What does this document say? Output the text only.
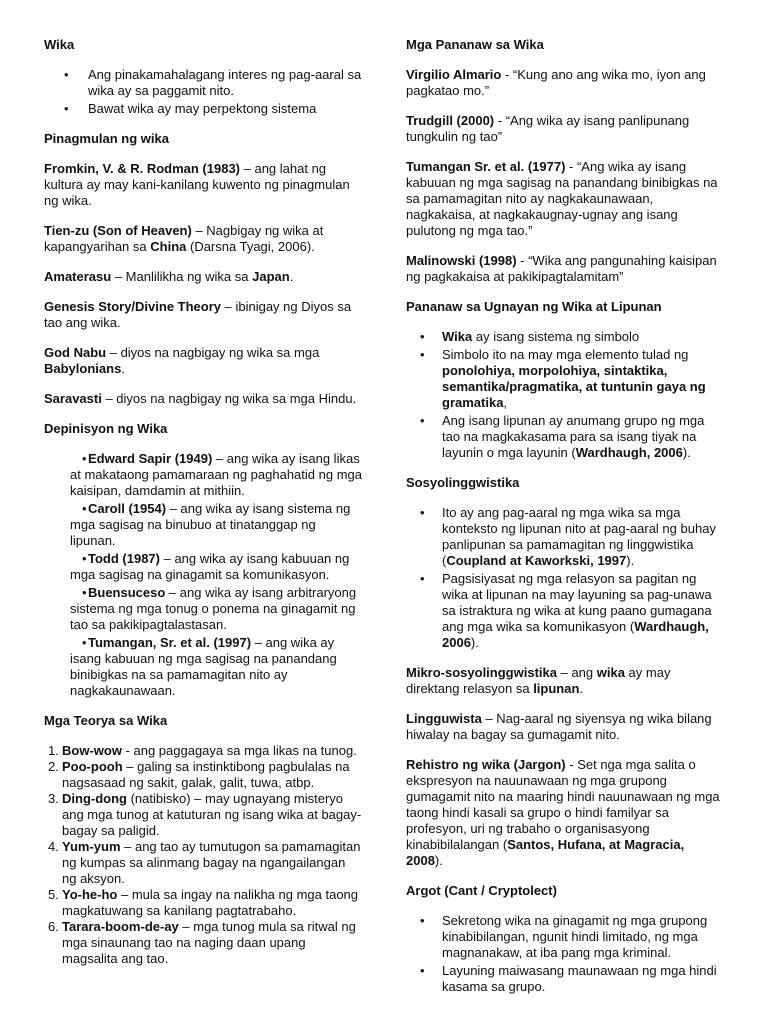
Wika
• Ang pinakamahalagang interes ng pag-aaral sa wika ay sa paggamit nito.
• Bawat wika ay may perpektong sistema
Pinagmulan ng wika

Fromkin, V. & R. Rodman (1983) – ang lahat ng kultura ay may kani-kanilang kuwento ng pinagmulan ng wika.

Tien-zu (Son of Heaven) – Nagbigay ng wika at kapangyarihan sa China (Darsna Tyagi, 2006).

Amaterasu – Manlilikha ng wika sa Japan.

Genesis Story/Divine Theory – ibinigay ng Diyos sa tao ang wika.

God Nabu – diyos na nagbigay ng wika sa mga Babylonians.

Saravasti – diyos na nagbigay ng wika sa mga Hindu.

Depinisyon ng Wika
• Edward Sapir (1949) – ang wika ay isang likas at makataong pamamaraan ng paghahatid ng mga kaisipan, damdamin at mithiin.
• Caroll (1954) – ang wika ay isang sistema ng mga sagisag na binubuo at tinatanggap ng lipunan.
• Todd (1987) – ang wika ay isang kabuuan ng mga sagisag na ginagamit sa komunikasyon.
• Buensuceso – ang wika ay isang arbitraryong sistema ng mga tonug o ponema na ginagamit ng tao sa pakikipagtalastasan.
• Tumangan, Sr. et al. (1997) – ang wika ay isang kabuuan ng mga sagisag na panandang binibigkas na sa pamamagitan nito ay nagkakaunawaan.
Mga Teorya sa Wika
1. Bow-wow - ang paggagaya sa mga likas na tunog.
2. Poo-pooh – galing sa instinktibong pagbulalas na nagsasaad ng sakit, galak, galit, tuwa, atbp.
3. Ding-dong (natibisko) – may ugnayang misteryo ang mga tunog at katuturan ng isang wika at bagay-bagay sa paligid.
4. Yum-yum – ang tao ay tumutugon sa pamamagitan ng kumpas sa alinmang bagay na ngangailangan ng aksyon.
5. Yo-he-ho – mula sa ingay na nalikha ng mga taong magkatuwang sa kanilang pagtatrabaho.
6. Tarara-boom-de-ay – mga tunog mula sa ritwal ng mga sinaunang tao na naging daan upang magsalita ang tao.
Mga Pananaw sa Wika

Virgilio Almario - “Kung ano ang wika mo, iyon ang pagkatao mo.”

Trudgill (2000) - “Ang wika ay isang panlipunang tungkulin ng tao”

Tumangan Sr. et al. (1977) - “Ang wika ay isang kabuuan ng mga sagisag na panandang binibigkas na sa pamamagitan nito ay nagkakaunawaan, nagkakaisa, at nagkakaugnay-ugnay ang isang pulutong ng mga tao.”

Malinowski (1998) - “Wika ang pangunahing kaisipan ng pagkakaisa at pakikipagtalamitam”

Pananaw sa Ugnayan ng Wika at Lipunan
• Wika ay isang sistema ng simbolo
• Simbolo ito na may mga elemento tulad ng ponolohiya, morpolohiya, sintaktika, semantika/pragmatika, at tuntunin gaya ng gramatika,
• Ang isang lipunan ay anumang grupo ng mga tao na magkakasama para sa isang tiyak na layunin o mga layunin (Wardhaugh, 2006).
Sosyolinggwistika
• Ito ay ang pag-aaral ng mga wika sa mga konteksto ng lipunan nito at pag-aaral ng buhay panlipunan sa pamamagitan ng linggwistika (Coupland at Kaworkski, 1997).
• Pagsisiyasat ng mga relasyon sa pagitan ng wika at lipunan na may layuning sa pag-unawa sa istraktura ng wika at kung paano gumagana ang mga wika sa komunikasyon (Wardhaugh, 2006).

Mikro-sosyolinggwistika – ang wika ay may direktang relasyon sa lipunan.

Lingguwista – Nag-aaral ng siyensya ng wika bilang hiwalay na bagay sa gumagamit nito.

Rehistro ng wika (Jargon) - Set nga mga salita o ekspresyon na nauunawaan ng mga grupong gumagamit nito na maaring hindi nauunawaan ng mga taong hindi kasali sa grupo o hindi familyar sa profesyon, uri ng trabaho o organisasyong kinabibilalangan (Santos, Hufana, at Magracia, 2008).

Argot (Cant / Cryptolect)
• Sekretong wika na ginagamit ng mga grupong kinabibilangan, ngunit hindi limitado, ng mga magnanakaw, at iba pang mga kriminal.
• Layuning maiwasang maunawaan ng mga hindi kasama sa grupo.
